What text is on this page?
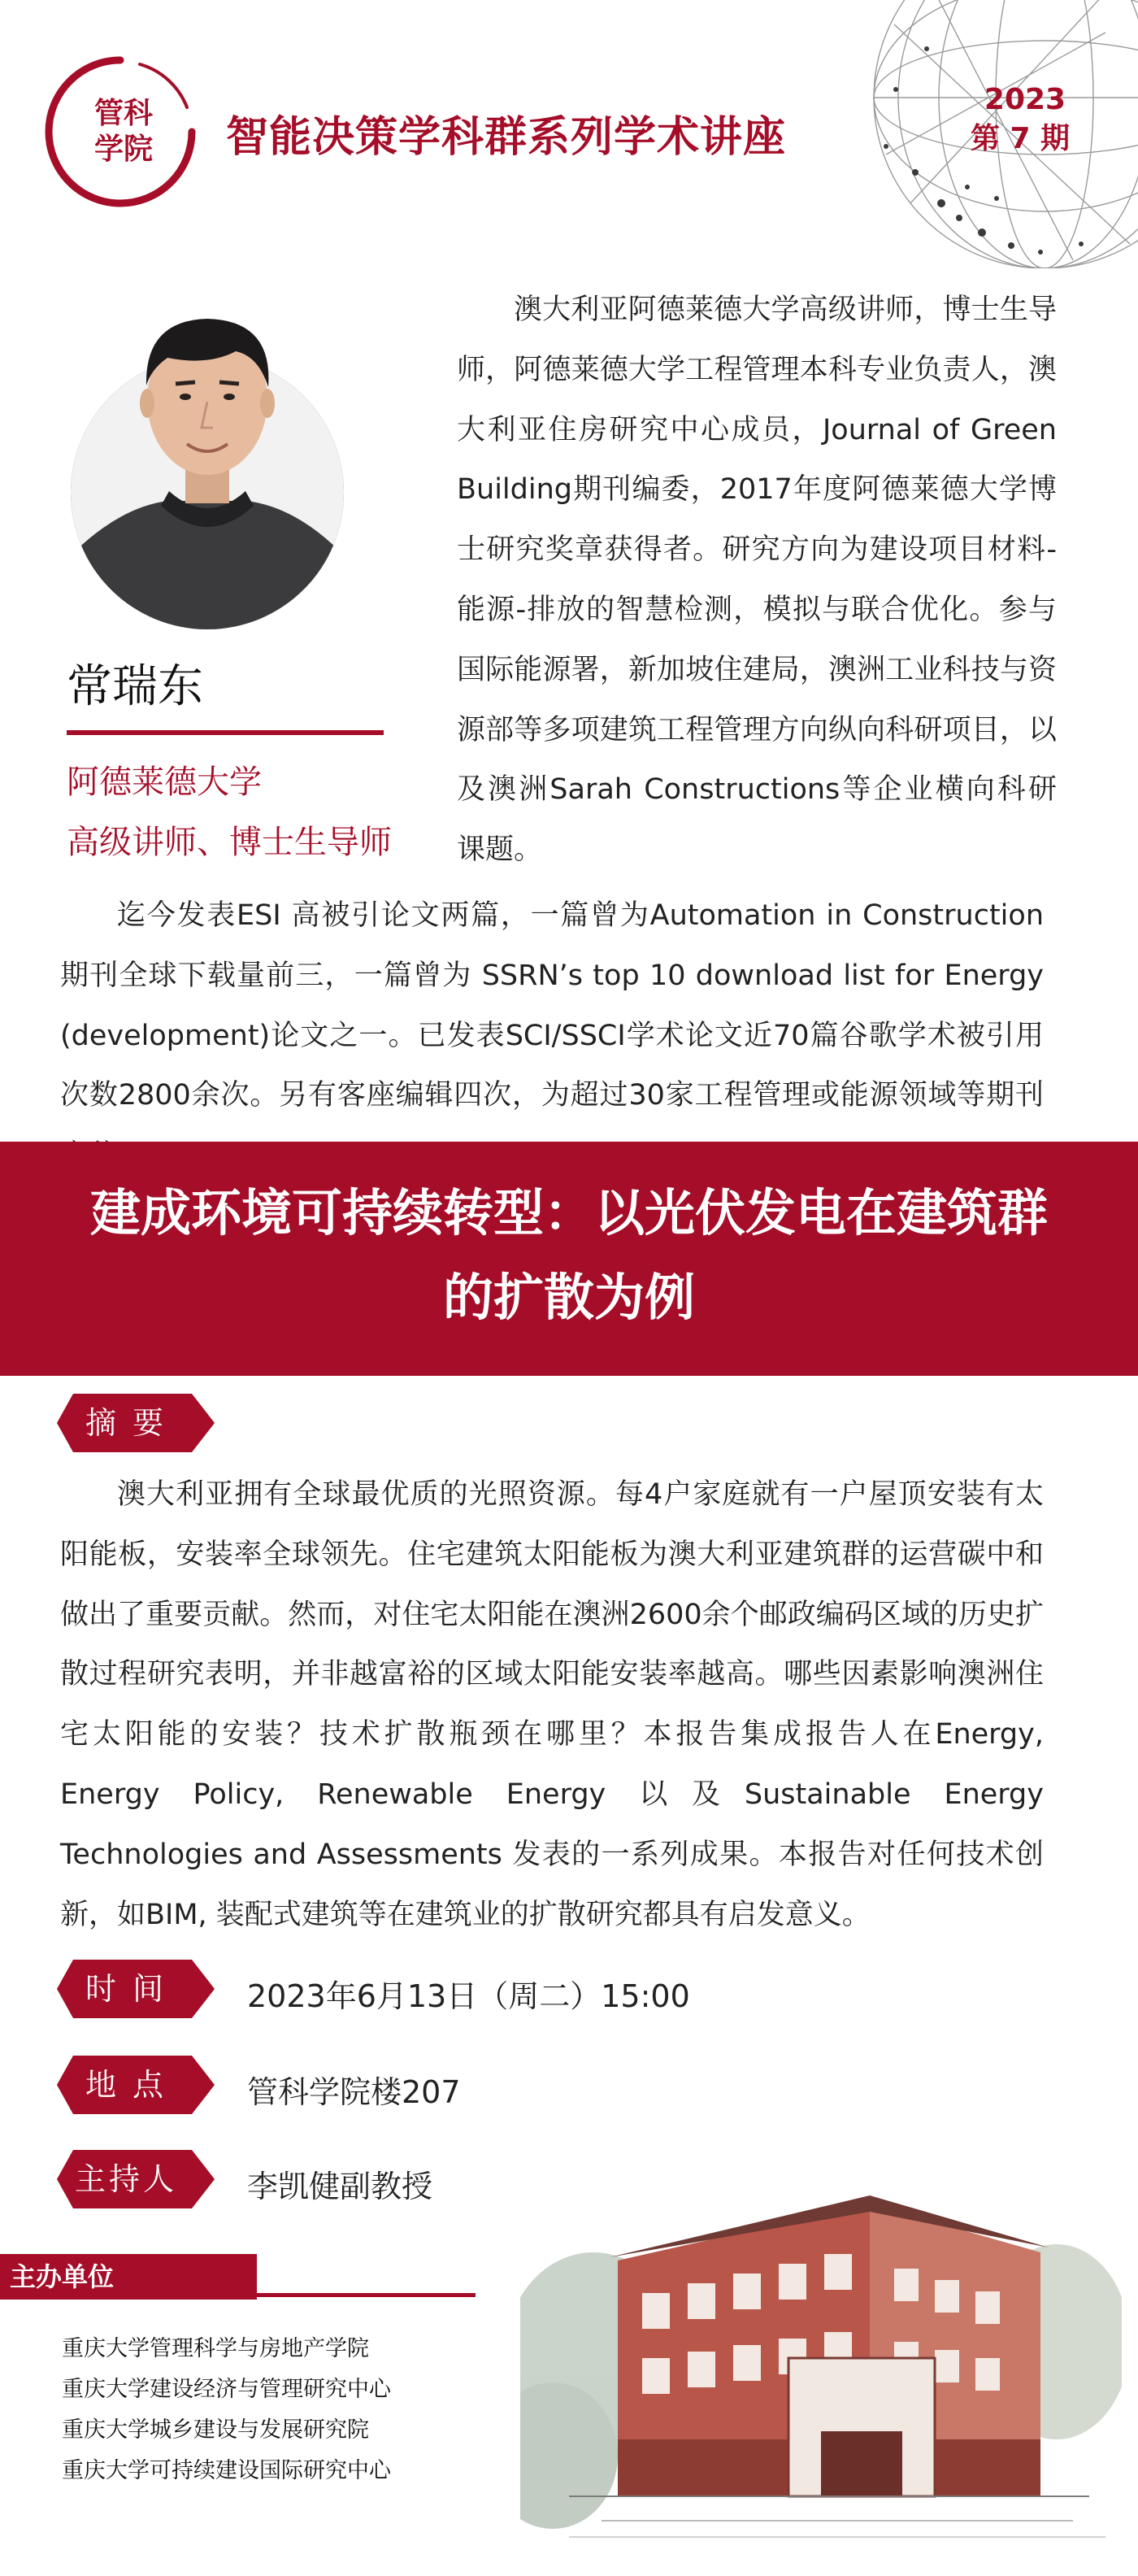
管科
学院 智能决策学科群系列学术讲座
2023
第 7 期
常瑞东
阿德莱德大学
高级讲师、博士生导师

澳大利亚阿德莱德大学高级讲师，博士生导师，阿德莱德大学工程管理本科专业负责人，澳大利亚住房研究中心成员，Journal of Green Building期刊编委，2017年度阿德莱德大学博士研究奖章获得者。研究方向为建设项目材料-能源-排放的智慧检测，模拟与联合优化。参与国际能源署，新加坡住建局，澳洲工业科技与资源部等多项建筑工程管理方向纵向科研项目，以及澳洲Sarah Constructions等企业横向科研课题。

迄今发表ESI 高被引论文两篇，一篇曾为Automation in Construction 期刊全球下载量前三，一篇曾为 SSRN’s top 10 download list for Energy (development)论文之一。已发表SCI/SSCI学术论文近70篇谷歌学术被引用次数2800余次。另有客座编辑四次，为超过30家工程管理或能源领域等期刊

建成环境可持续转型：以光伏发电在建筑群
的扩散为例
摘 要

澳大利亚拥有全球最优质的光照资源。每4户家庭就有一户屋顶安装有太阳能板，安装率全球领先。住宅建筑太阳能板为澳大利亚建筑群的运营碳中和做出了重要贡献。然而，对住宅太阳能在澳洲2600余个邮政编码区域的历史扩散过程研究表明，并非越富裕的区域太阳能安装率越高。哪些因素影响澳洲住宅太阳能的安装？技术扩散瓶颈在哪里？本报告集成报告人在Energy, Energy Policy, Renewable Energy 以及Sustainable Energy Technologies and Assessments 发表的一系列成果。本报告对任何技术创新，如BIM, 装配式建筑等在建筑业的扩散研究都具有启发意义。

时 间	2023年6月13日（周二）15:00
地 点	管科学院楼207
主持人	李凯健副教授
主办单位
重庆大学管理科学与房地产学院
重庆大学建设经济与管理研究中心
重庆大学城乡建设与发展研究院
重庆大学可持续建设国际研究中心
